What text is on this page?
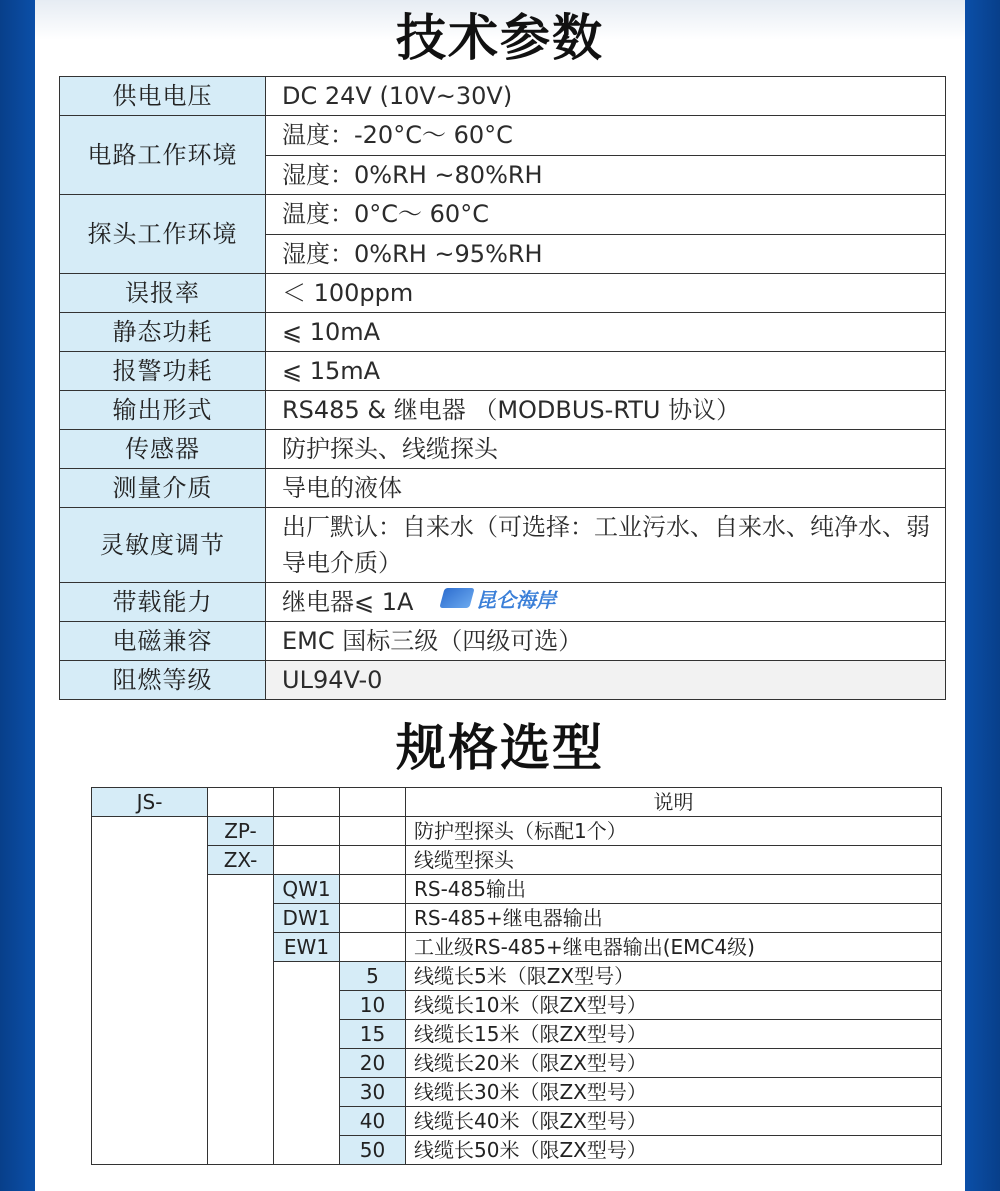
技术参数
供电电压	DC 24V (10V~30V)
电路工作环境	温度：-20°C～ 60°C
	湿度：0%RH ~80%RH
探头工作环境	温度：0°C～ 60°C
	湿度：0%RH ~95%RH
误报率	＜ 100ppm
静态功耗	⩽ 10mA
报警功耗	⩽ 15mA
输出形式	RS485 & 继电器 （MODBUS-RTU 协议）
传感器	防护探头、线缆探头
测量介质	导电的液体
灵敏度调节	出厂默认：自来水（可选择：工业污水、自来水、纯净水、弱导电介质）
带载能力	继电器⩽ 1A
电磁兼容	EMC 国标三级（四级可选）
阻燃等级	UL94V-0
昆仑海岸
规格选型
JS-				说明
	ZP-			防护型探头（标配1个）
	ZX-			线缆型探头
		QW1		RS-485输出
		DW1		RS-485+继电器输出
		EW1		工业级RS-485+继电器输出(EMC4级)
			5	线缆长5米（限ZX型号）
			10	线缆长10米（限ZX型号）
			15	线缆长15米（限ZX型号）
			20	线缆长20米（限ZX型号）
			30	线缆长30米（限ZX型号）
			40	线缆长40米（限ZX型号）
			50	线缆长50米（限ZX型号）
